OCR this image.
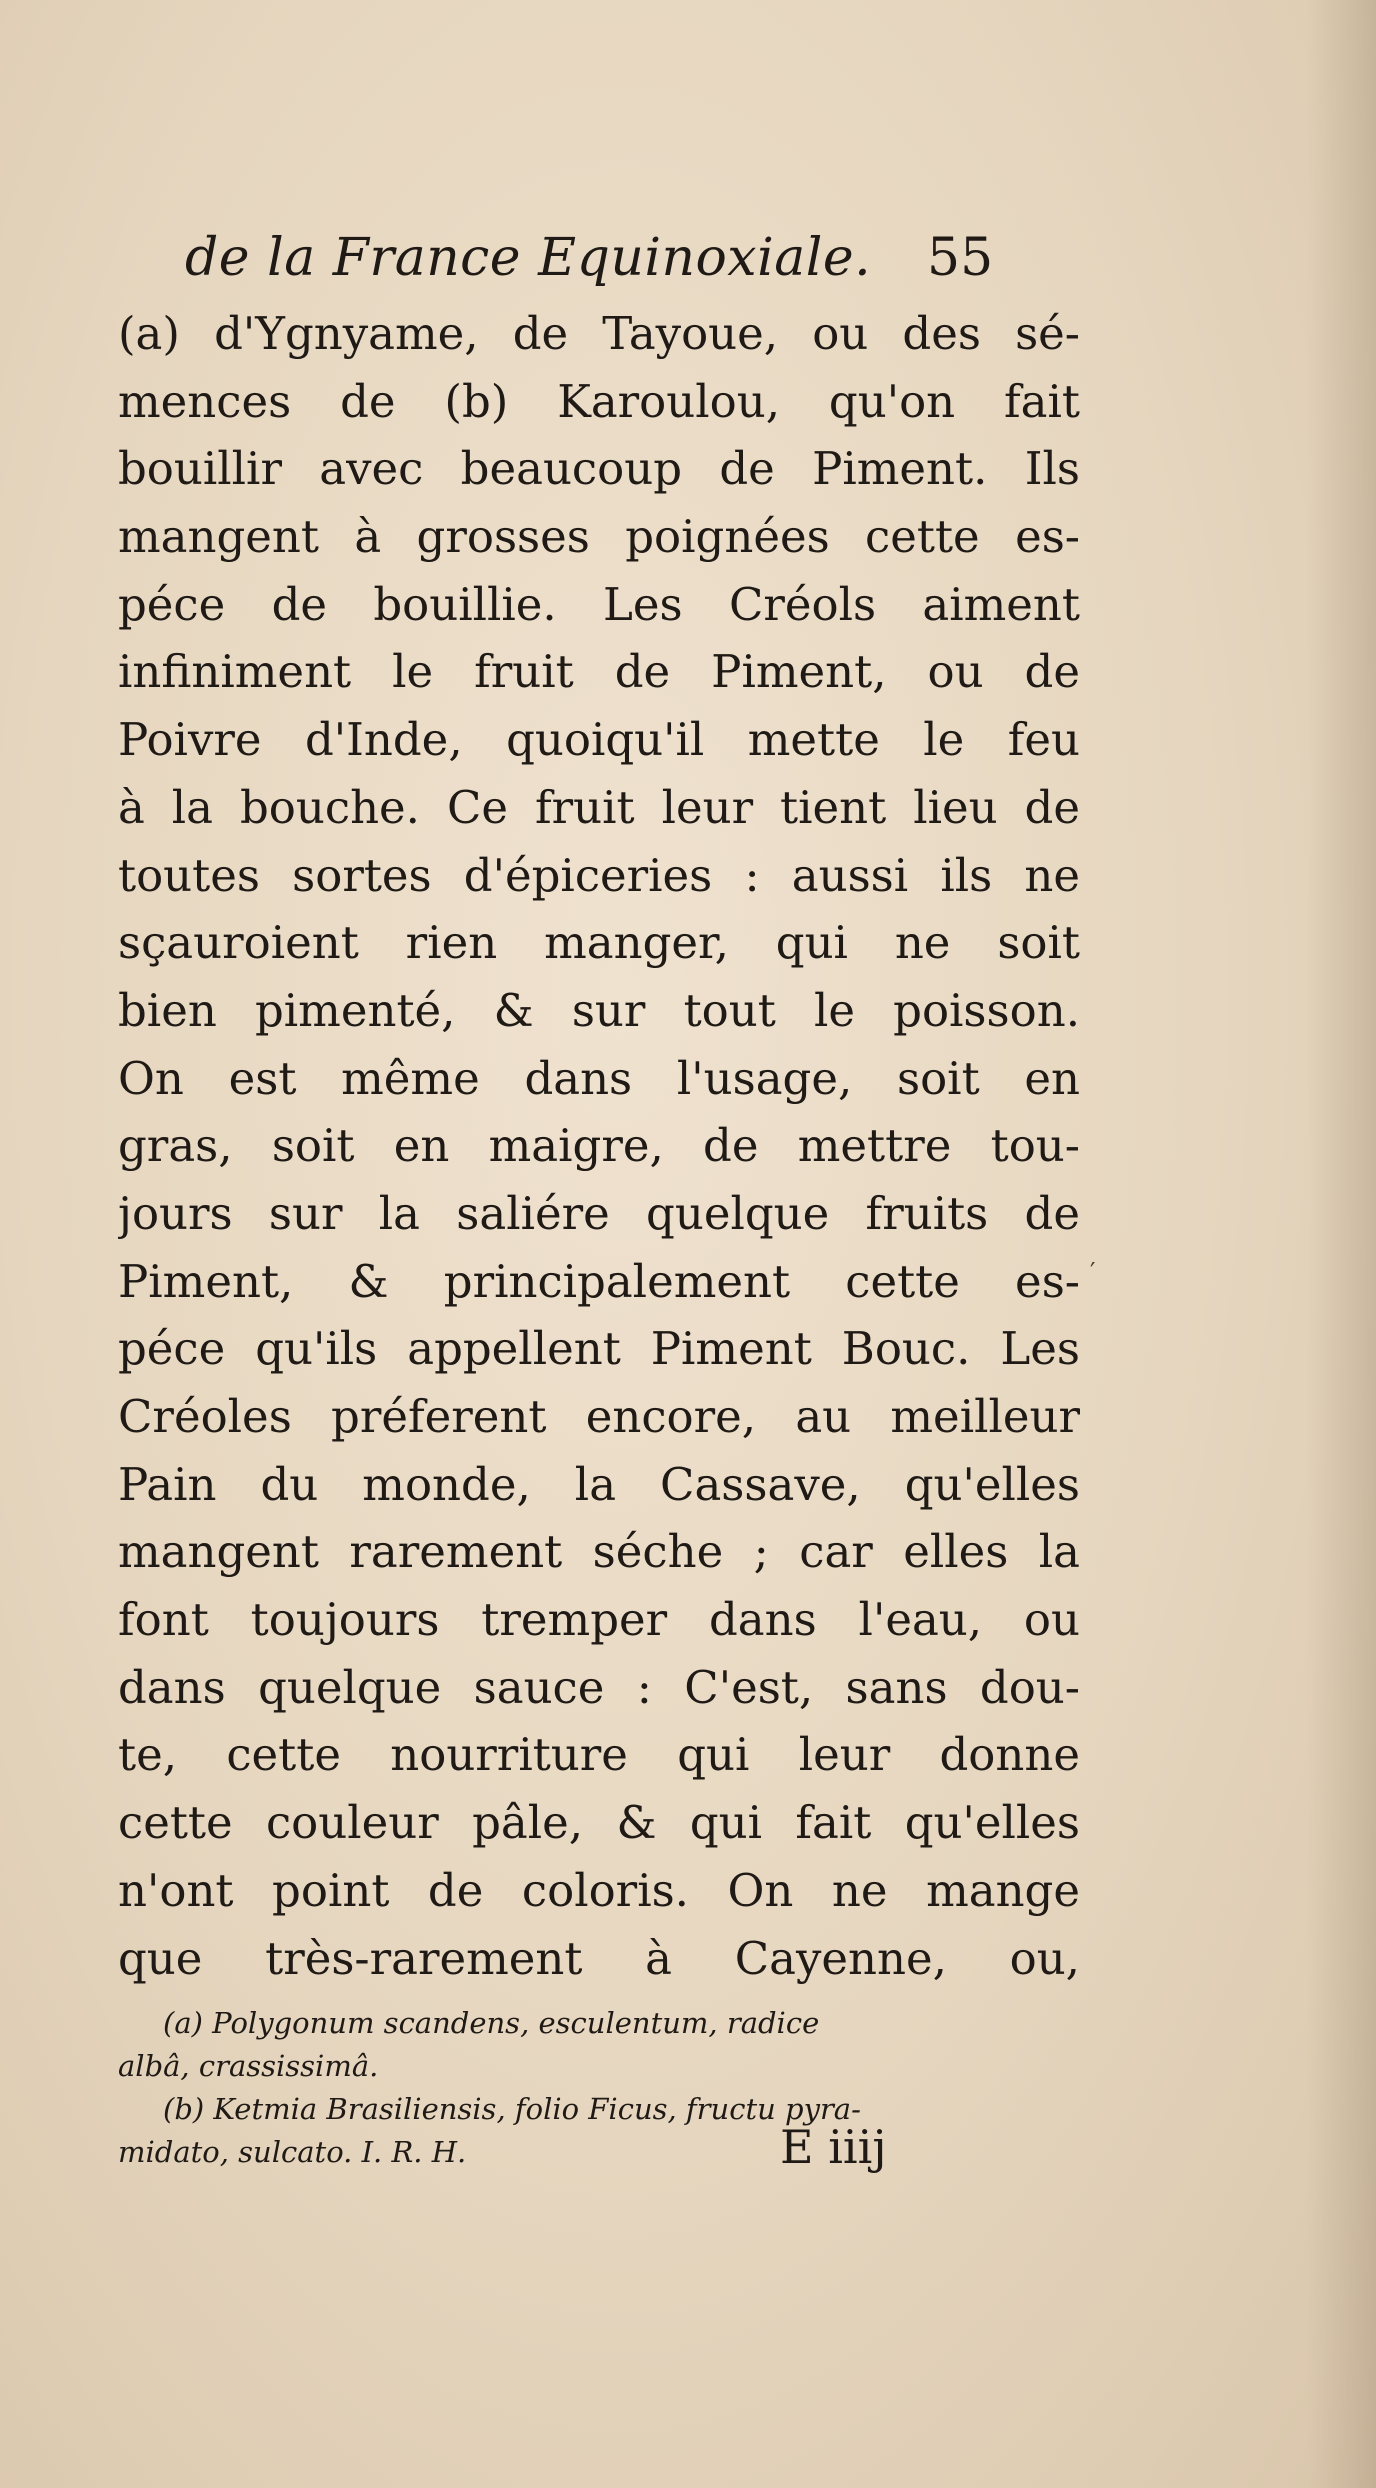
de la France Equinoxiale. 55
(a) d'Ygnyame, de Tayoue, ou des sé-
mences de (b) Karoulou, qu'on fait
bouillir avec beaucoup de Piment. Ils
mangent à grosses poignées cette es-
péce de bouillie. Les Créols aiment
infiniment le fruit de Piment, ou de
Poivre d'Inde, quoiqu'il mette le feu
à la bouche. Ce fruit leur tient lieu de
toutes sortes d'épiceries : aussi ils ne
sçauroient rien manger, qui ne soit
bien pimenté, & sur tout le poisson.
On est même dans l'usage, soit en
gras, soit en maigre, de mettre tou-
jours sur la saliére quelque fruits de
Piment, & principalement cette es-
péce qu'ils appellent Piment Bouc. Les
Créoles préferent encore, au meilleur
Pain du monde, la Cassave, qu'elles
mangent rarement séche ; car elles la
font toujours tremper dans l'eau, ou
dans quelque sauce : C'est, sans dou-
te, cette nourriture qui leur donne
cette couleur pâle, & qui fait qu'elles
n'ont point de coloris. On ne mange
que très-rarement à Cayenne, ou,
(a) Polygonum scandens, esculentum, radice
albâ, crassissimâ.
(b) Ketmia Brasiliensis, folio Ficus, fructu pyra-
midato, sulcato. I. R. H.	E iiij
′
